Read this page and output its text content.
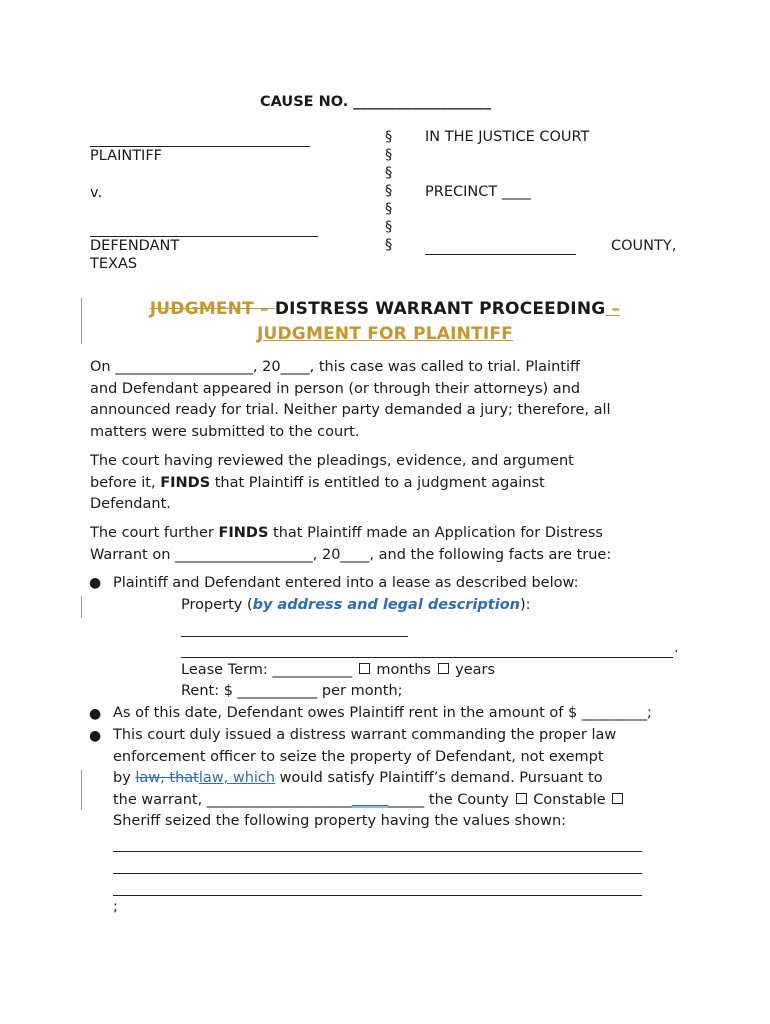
CAUSE NO. ___________________
PLAINTIFF
v.
DEFENDANT
TEXAS
§
§
§
§
§
§
§
IN THE JUSTICE COURT
PRECINCT ____
COUNTY,
JUDGMENT – DISTRESS WARRANT PROCEEDING –
JUDGMENT FOR PLAINTIFF

On ___________________, 20____, this case was called to trial. Plaintiff

and Defendant appeared in person (or through their attorneys) and

announced ready for trial. Neither party demanded a jury; therefore, all

matters were submitted to the court.

The court having reviewed the pleadings, evidence, and argument

before it, FINDS that Plaintiff is entitled to a judgment against

Defendant.

The court further FINDS that Plaintiff made an Application for Distress

Warrant on ___________________, 20____, and the following facts are true:

● Plaintiff and Defendant entered into a lease as described below:
Property (by address and legal description):
.
Lease Term: ___________ months years
Rent: $ ___________ per month;
● As of this date, Defendant owes Plaintiff rent in the amount of $ _________;
● This court duly issued a distress warrant commanding the proper law
enforcement officer to seize the property of Defendant, not exempt
by law, thatlaw, which would satisfy Plaintiff’s demand. Pursuant to
the warrant, ______________________________ the County Constable
Sheriff seized the following property having the values shown:
;
